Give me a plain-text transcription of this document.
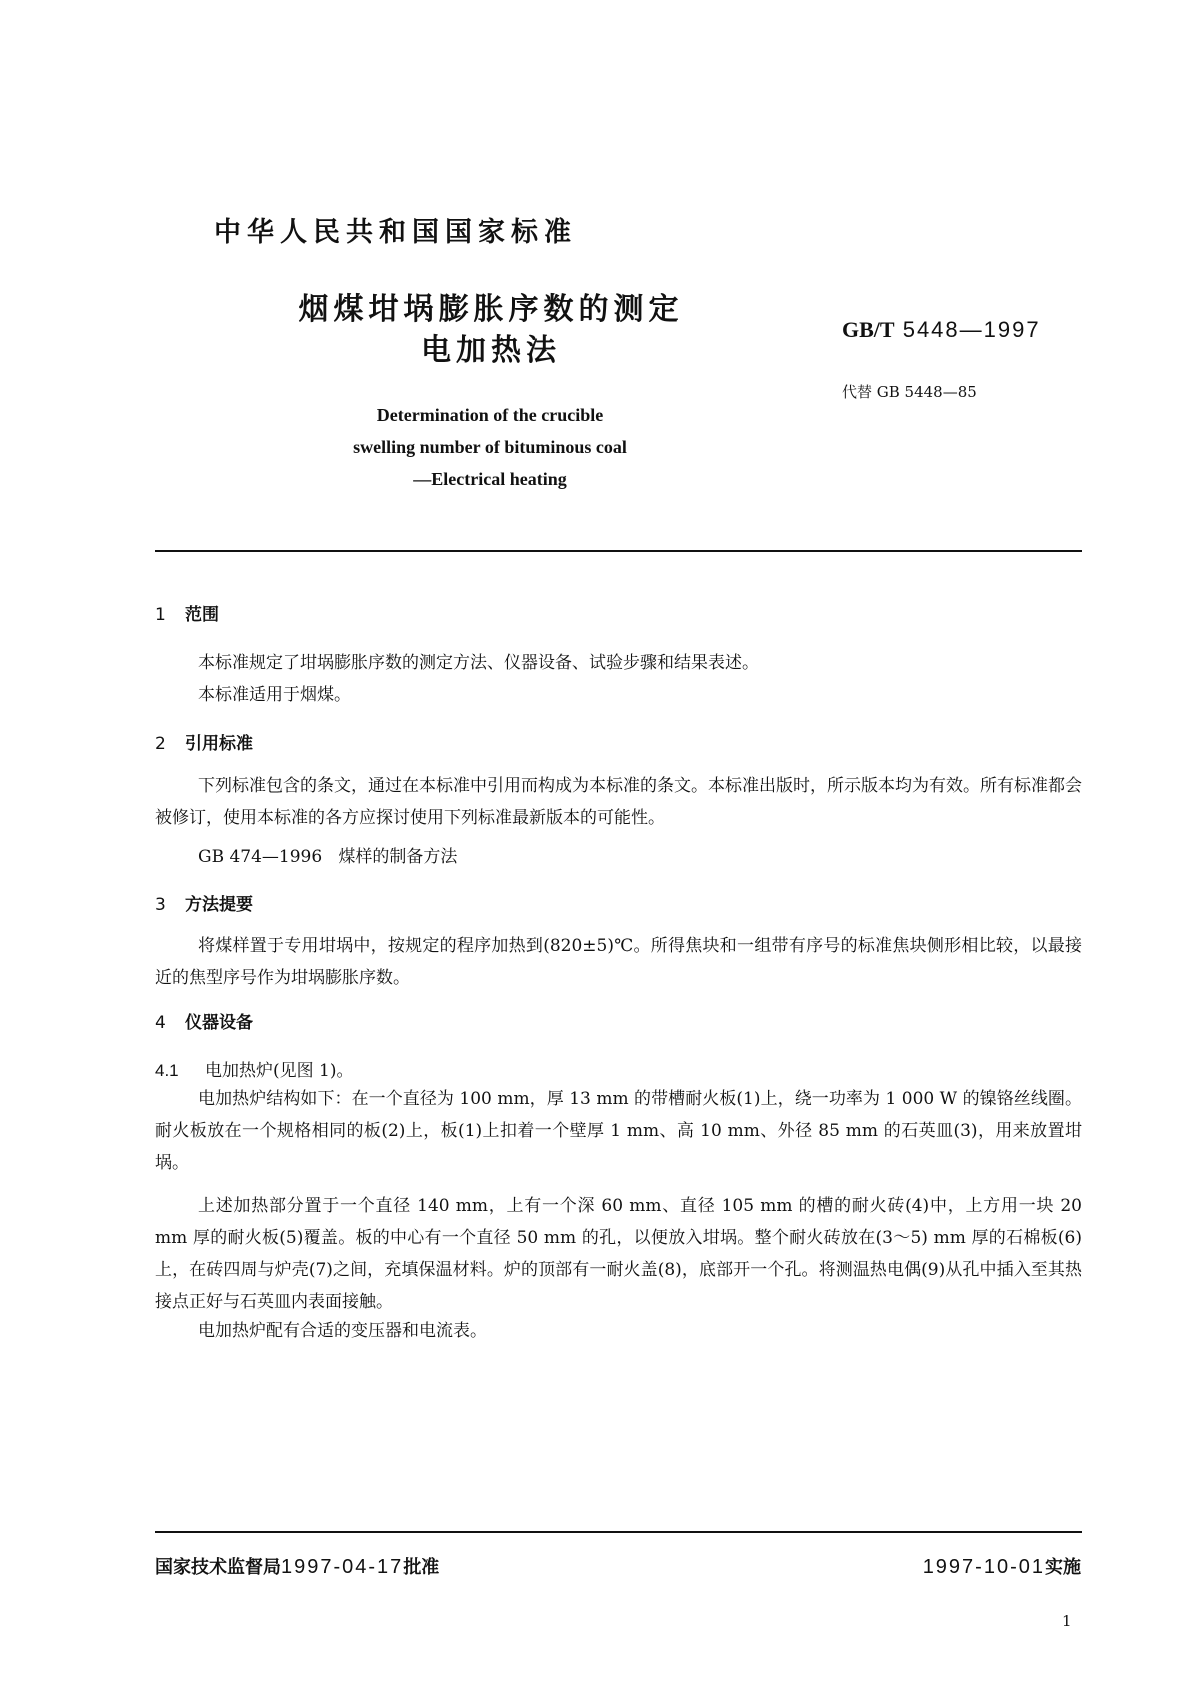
中华人民共和国国家标准
烟煤坩埚膨胀序数的测定
电加热法
GB/T 5448—1997
代替 GB 5448—85
Determination of the crucible
swelling number of bituminous coal
—Electrical heating
1 范围
本标准规定了坩埚膨胀序数的测定方法、仪器设备、试验步骤和结果表述。
本标准适用于烟煤。
2 引用标准
下列标准包含的条文，通过在本标准中引用而构成为本标准的条文。本标准出版时，所示版本均为有效。所有标准都会被修订，使用本标准的各方应探讨使用下列标准最新版本的可能性。
GB 474—1996 煤样的制备方法
3 方法提要
将煤样置于专用坩埚中，按规定的程序加热到(820±5)℃。所得焦块和一组带有序号的标准焦块侧形相比较，以最接近的焦型序号作为坩埚膨胀序数。
4 仪器设备
4.1 电加热炉(见图 1)。
电加热炉结构如下：在一个直径为 100 mm，厚 13 mm 的带槽耐火板(1)上，绕一功率为 1 000 W 的镍铬丝线圈。耐火板放在一个规格相同的板(2)上，板(1)上扣着一个壁厚 1 mm、高 10 mm、外径 85 mm 的石英皿(3)，用来放置坩埚。
上述加热部分置于一个直径 140 mm，上有一个深 60 mm、直径 105 mm 的槽的耐火砖(4)中，上方用一块 20 mm 厚的耐火板(5)覆盖。板的中心有一个直径 50 mm 的孔，以便放入坩埚。整个耐火砖放在(3～5) mm 厚的石棉板(6)上，在砖四周与炉壳(7)之间，充填保温材料。炉的顶部有一耐火盖(8)，底部开一个孔。将测温热电偶(9)从孔中插入至其热接点正好与石英皿内表面接触。
电加热炉配有合适的变压器和电流表。
国家技术监督局1997-04-17批准	1997-10-01实施
1
